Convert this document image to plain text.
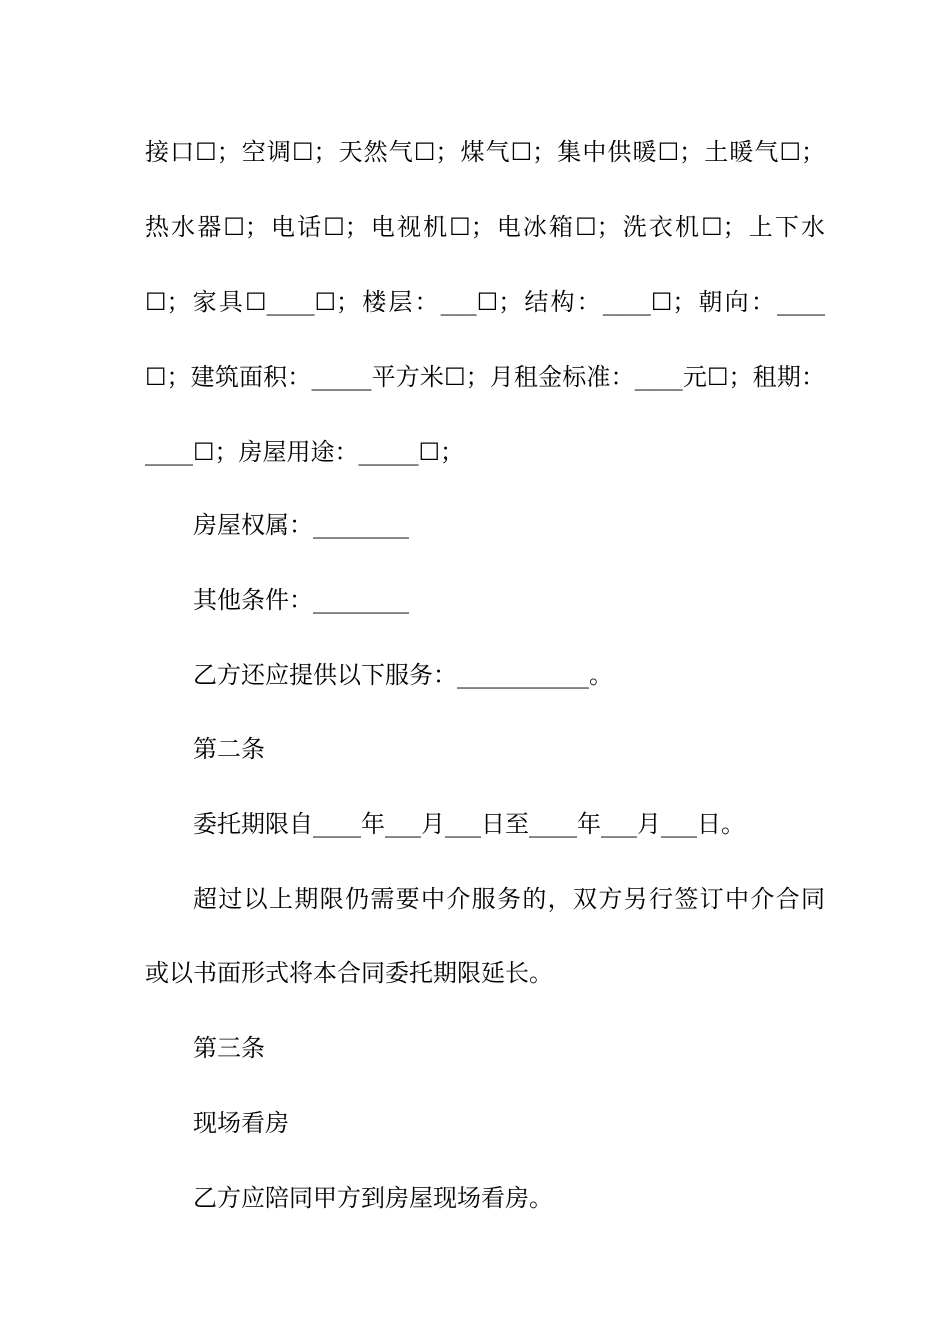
接口☐；空调☐；天然气☐；煤气☐；集中供暖☐；土暖气☐；
热水器☐；电话☐；电视机☐；电冰箱☐；洗衣机☐；上下水
☐；家具☐____☐；楼层：___☐；结构：____☐；朝向：____
☐；建筑面积：_____平方米☐；月租金标准：____元☐；租期：
____☐；房屋用途：_____☐；
房屋权属：________
其他条件：________
乙方还应提供以下服务：___________。
第二条
委托期限自____年___月___日至____年___月___日。
超过以上期限仍需要中介服务的，双方另行签订中介合同
或以书面形式将本合同委托期限延长。
第三条
现场看房
乙方应陪同甲方到房屋现场看房。
